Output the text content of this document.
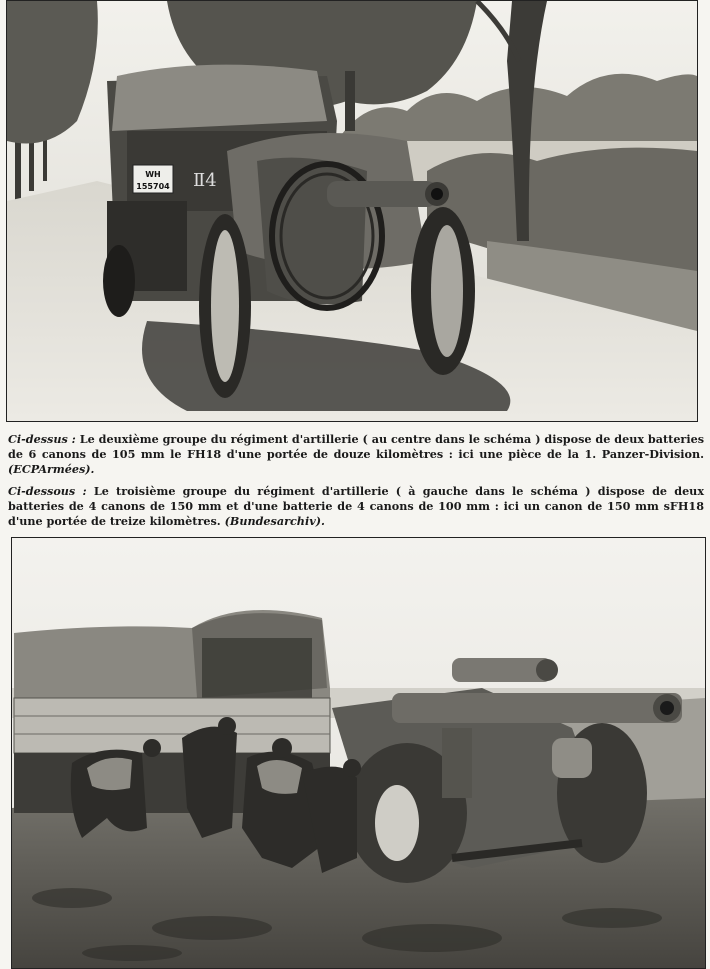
WH
155704 Ⅱ4

Ci-dessus : Le deuxième groupe du régiment d'artillerie ( au centre dans le schéma ) dispose de deux batteries de 6 canons de 105 mm le FH18 d'une portée de douze kilomètres : ici une pièce de la 1. Panzer-Division. (ECPArmées).

Ci-dessous : Le troisième groupe du régiment d'artillerie ( à gauche dans le schéma ) dispose de deux batteries de 4 canons de 150 mm et d'une batterie de 4 canons de 100 mm : ici un canon de 150 mm sFH18 d'une portée de treize kilomètres. (Bundesarchiv).
